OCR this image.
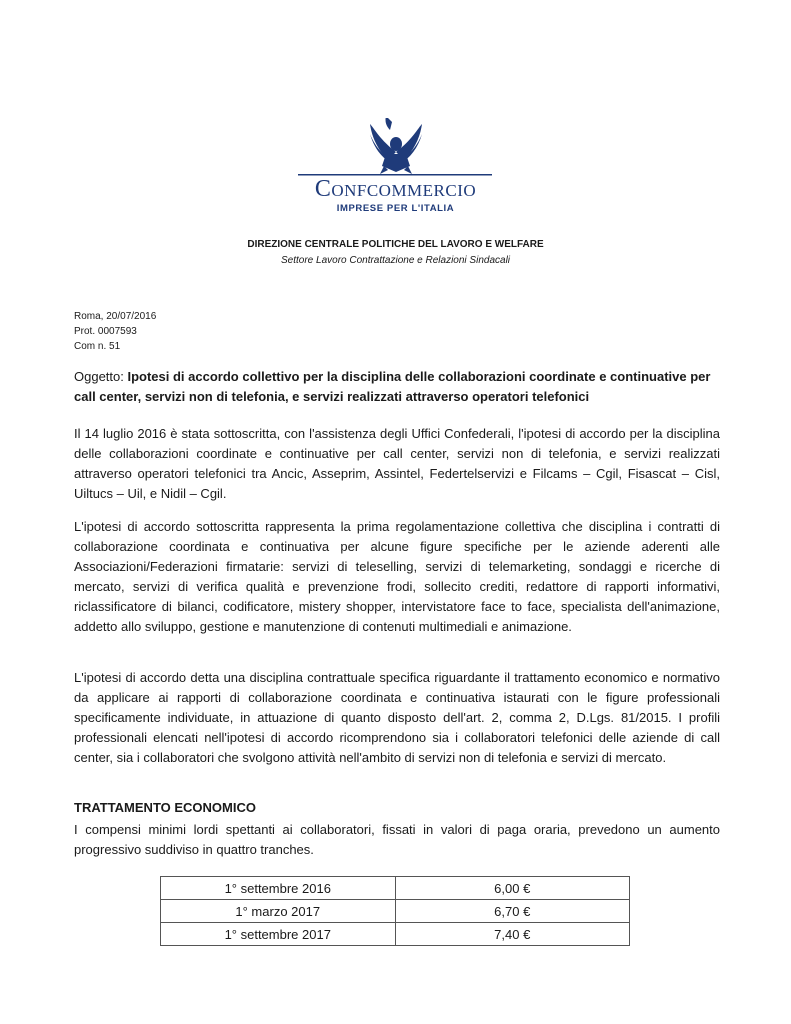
Confcommercio
IMPRESE PER L'ITALIA
DIREZIONE CENTRALE POLITICHE DEL LAVORO E WELFARE
Settore Lavoro Contrattazione e Relazioni Sindacali
Roma, 20/07/2016
Prot. 0007593
Com n. 51
Oggetto: Ipotesi di accordo collettivo per la disciplina delle collaborazioni coordinate e continuative per call center, servizi non di telefonia, e servizi realizzati attraverso operatori telefonici
Il 14 luglio 2016 è stata sottoscritta, con l'assistenza degli Uffici Confederali, l'ipotesi di accordo per la disciplina delle collaborazioni coordinate e continuative per call center, servizi non di telefonia, e servizi realizzati attraverso operatori telefonici tra Ancic, Asseprim, Assintel, Federtelservizi e Filcams – Cgil, Fisascat – Cisl, Uiltucs – Uil, e Nidil – Cgil.
L'ipotesi di accordo sottoscritta rappresenta la prima regolamentazione collettiva che disciplina i contratti di collaborazione coordinata e continuativa per alcune figure specifiche per le aziende aderenti alle Associazioni/Federazioni firmatarie: servizi di teleselling, servizi di telemarketing, sondaggi e ricerche di mercato, servizi di verifica qualità e prevenzione frodi, sollecito crediti, redattore di rapporti informativi, riclassificatore di bilanci, codificatore, mistery shopper, intervistatore face to face, specialista dell'animazione, addetto allo sviluppo, gestione e manutenzione di contenuti multimediali e animazione.
L'ipotesi di accordo detta una disciplina contrattuale specifica riguardante il trattamento economico e normativo da applicare ai rapporti di collaborazione coordinata e continuativa istaurati con le figure professionali specificamente individuate, in attuazione di quanto disposto dell'art. 2, comma 2, D.Lgs. 81/2015. I profili professionali elencati nell'ipotesi di accordo ricomprendono sia i collaboratori telefonici delle aziende di call center, sia i collaboratori che svolgono attività nell'ambito di servizi non di telefonia e servizi di mercato.
TRATTAMENTO ECONOMICO
I compensi minimi lordi spettanti ai collaboratori, fissati in valori di paga oraria, prevedono un aumento progressivo suddiviso in quattro tranches.
1° settembre 2016	6,00 €
1° marzo 2017	6,70 €
1° settembre 2017	7,40 €
